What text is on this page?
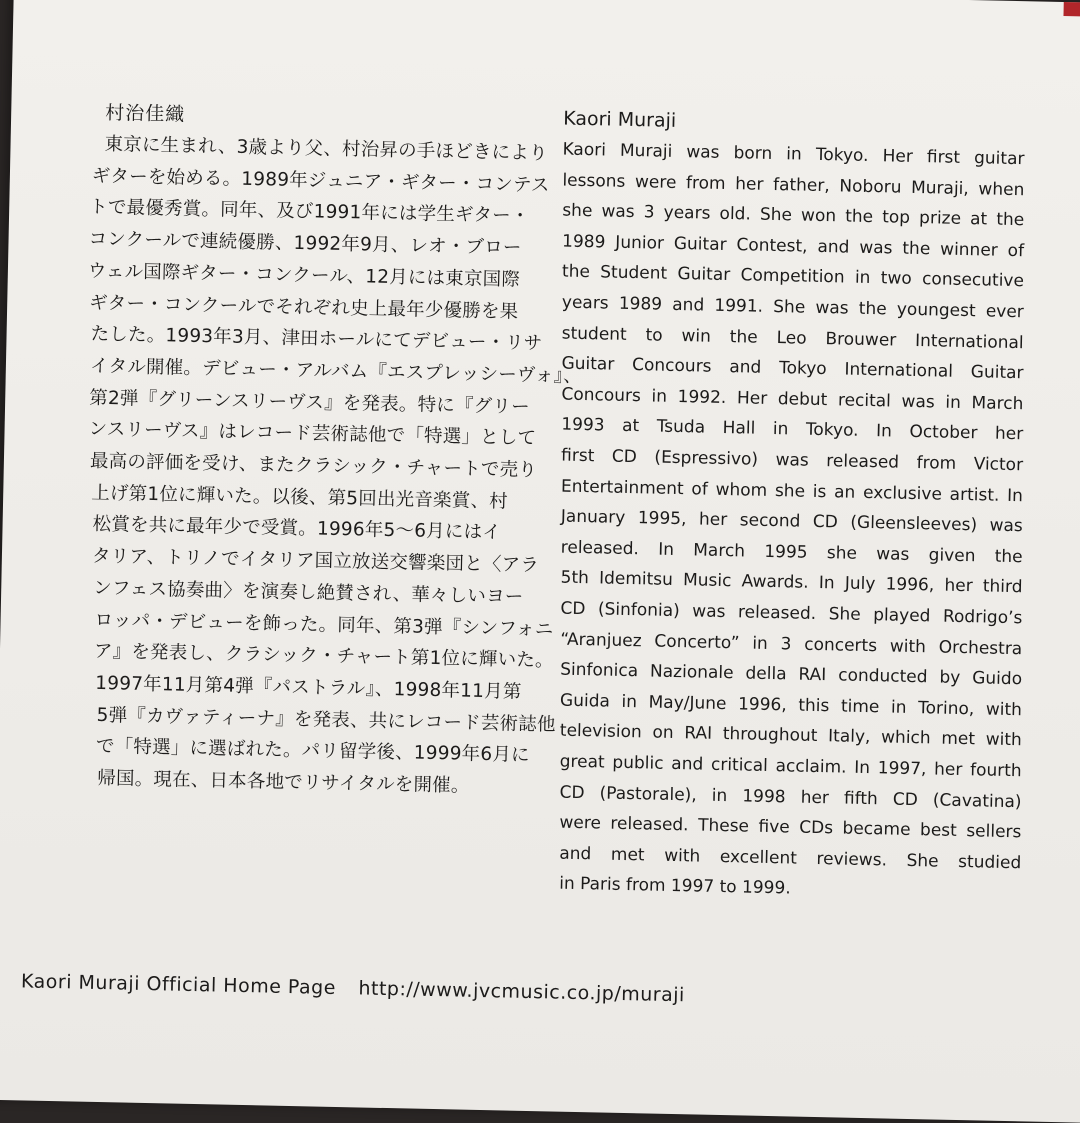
村治佳織
東京に生まれ、3歳より父、村治昇の手ほどきにより
ギターを始める。1989年ジュニア・ギター・コンテス
トで最優秀賞。同年、及び1991年には学生ギター・
コンクールで連続優勝、1992年9月、レオ・ブロー
ウェル国際ギター・コンクール、12月には東京国際
ギター・コンクールでそれぞれ史上最年少優勝を果
たした。1993年3月、津田ホールにてデビュー・リサ
イタル開催。デビュー・アルバム『エスプレッシーヴォ』、
第2弾『グリーンスリーヴス』を発表。特に『グリー
ンスリーヴス』はレコード芸術誌他で「特選」として
最高の評価を受け、またクラシック・チャートで売り
上げ第1位に輝いた。以後、第5回出光音楽賞、村
松賞を共に最年少で受賞。1996年5～6月にはイ
タリア、トリノでイタリア国立放送交響楽団と〈アラ
ンフェス協奏曲〉を演奏し絶賛され、華々しいヨー
ロッパ・デビューを飾った。同年、第3弾『シンフォニ
ア』を発表し、クラシック・チャート第1位に輝いた。
1997年11月第4弾『パストラル』、1998年11月第
5弾『カヴァティーナ』を発表、共にレコード芸術誌他
で「特選」に選ばれた。パリ留学後、1999年6月に
帰国。現在、日本各地でリサイタルを開催。
Kaori Muraji
Kaori Muraji was born in Tokyo. Her first guitar
lessons were from her father, Noboru Muraji, when
she was 3 years old. She won the top prize at the
1989 Junior Guitar Contest, and was the winner of
the Student Guitar Competition in two consecutive
years 1989 and 1991. She was the youngest ever
student to win the Leo Brouwer International
Guitar Concours and Tokyo International Guitar
Concours in 1992. Her debut recital was in March
1993 at Tsuda Hall in Tokyo. In October her
first CD (Espressivo) was released from Victor
Entertainment of whom she is an exclusive artist. In
January 1995, her second CD (Gleensleeves) was
released. In March 1995 she was given the
5th Idemitsu Music Awards. In July 1996, her third
CD (Sinfonia) was released. She played Rodrigo’s
“Aranjuez Concerto” in 3 concerts with Orchestra
Sinfonica Nazionale della RAI conducted by Guido
Guida in May/June 1996, this time in Torino, with
television on RAI throughout Italy, which met with
great public and critical acclaim. In 1997, her fourth
CD (Pastorale), in 1998 her fifth CD (Cavatina)
were released. These five CDs became best sellers
and met with excellent reviews. She studied
in Paris from 1997 to 1999.
Kaori Muraji Official Home Page http://www.jvcmusic.co.jp/muraji
